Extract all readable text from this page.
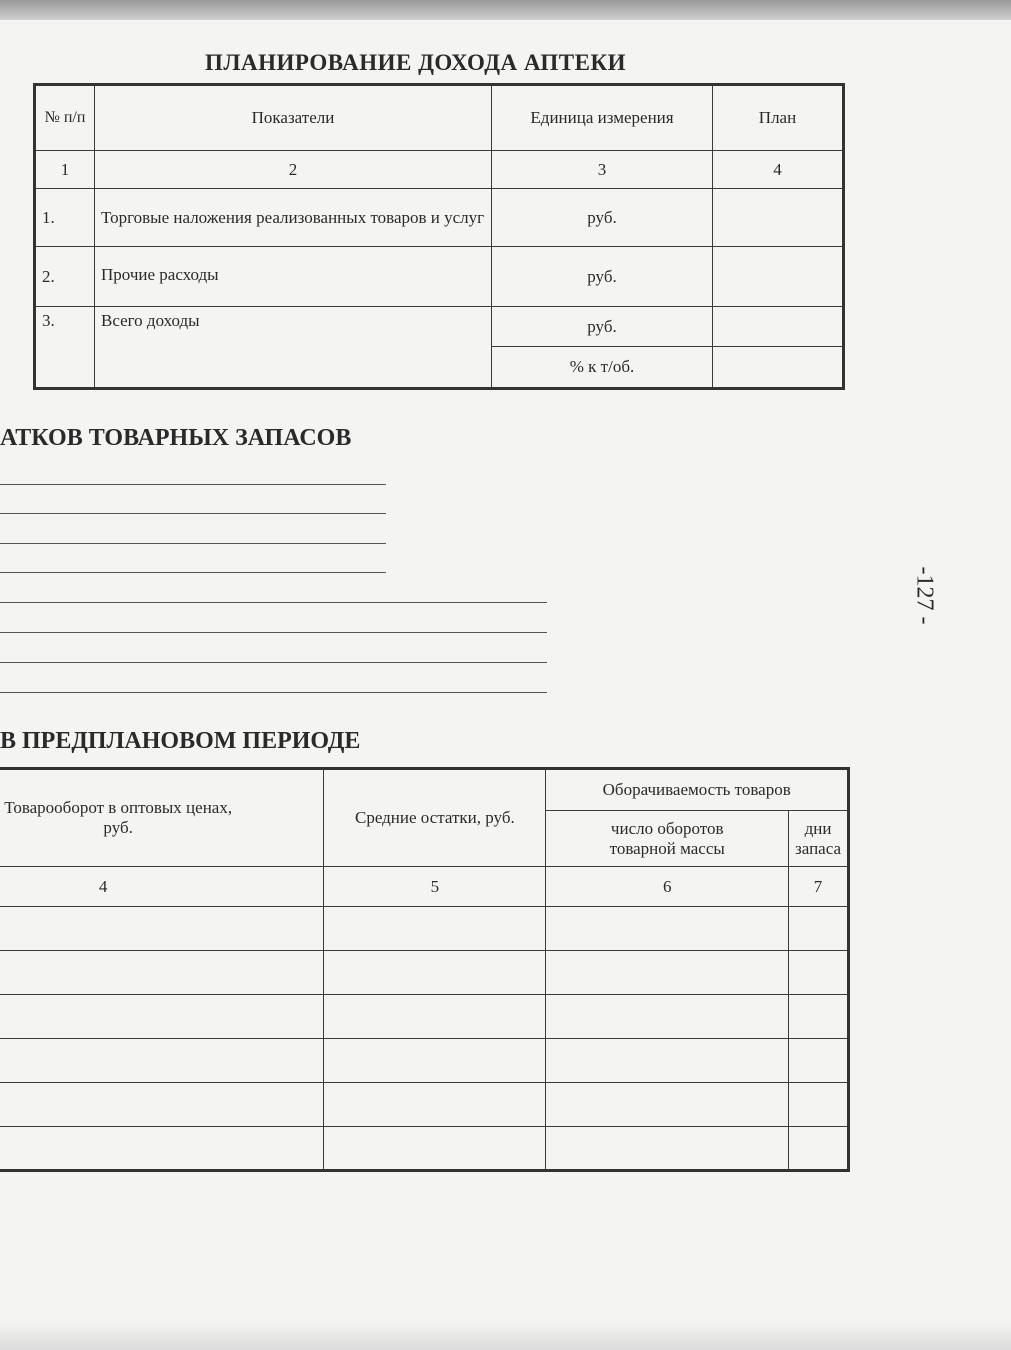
ПЛАНИРОВАНИЕ ДОХОДА АПТЕКИ
№ п/п	Показатели	Единица измерения	План
1	2	3	4
1.	Торговые наложения реализованных товаров и услуг	руб.	
2.	Прочие расходы	руб.	
3.	Всего доходы	руб.	
		% к т/об.	
АТКОВ ТОВАРНЫХ ЗАПАСОВ
-127 -
В ПРЕДПЛАНОВОМ ПЕРИОДЕ
Товарооборот в оптовых ценах, руб.	Средние остатки, руб.	Оборачиваемость товаров	
		число оборотов товарной массы	дни запаса
4	5	6	7
